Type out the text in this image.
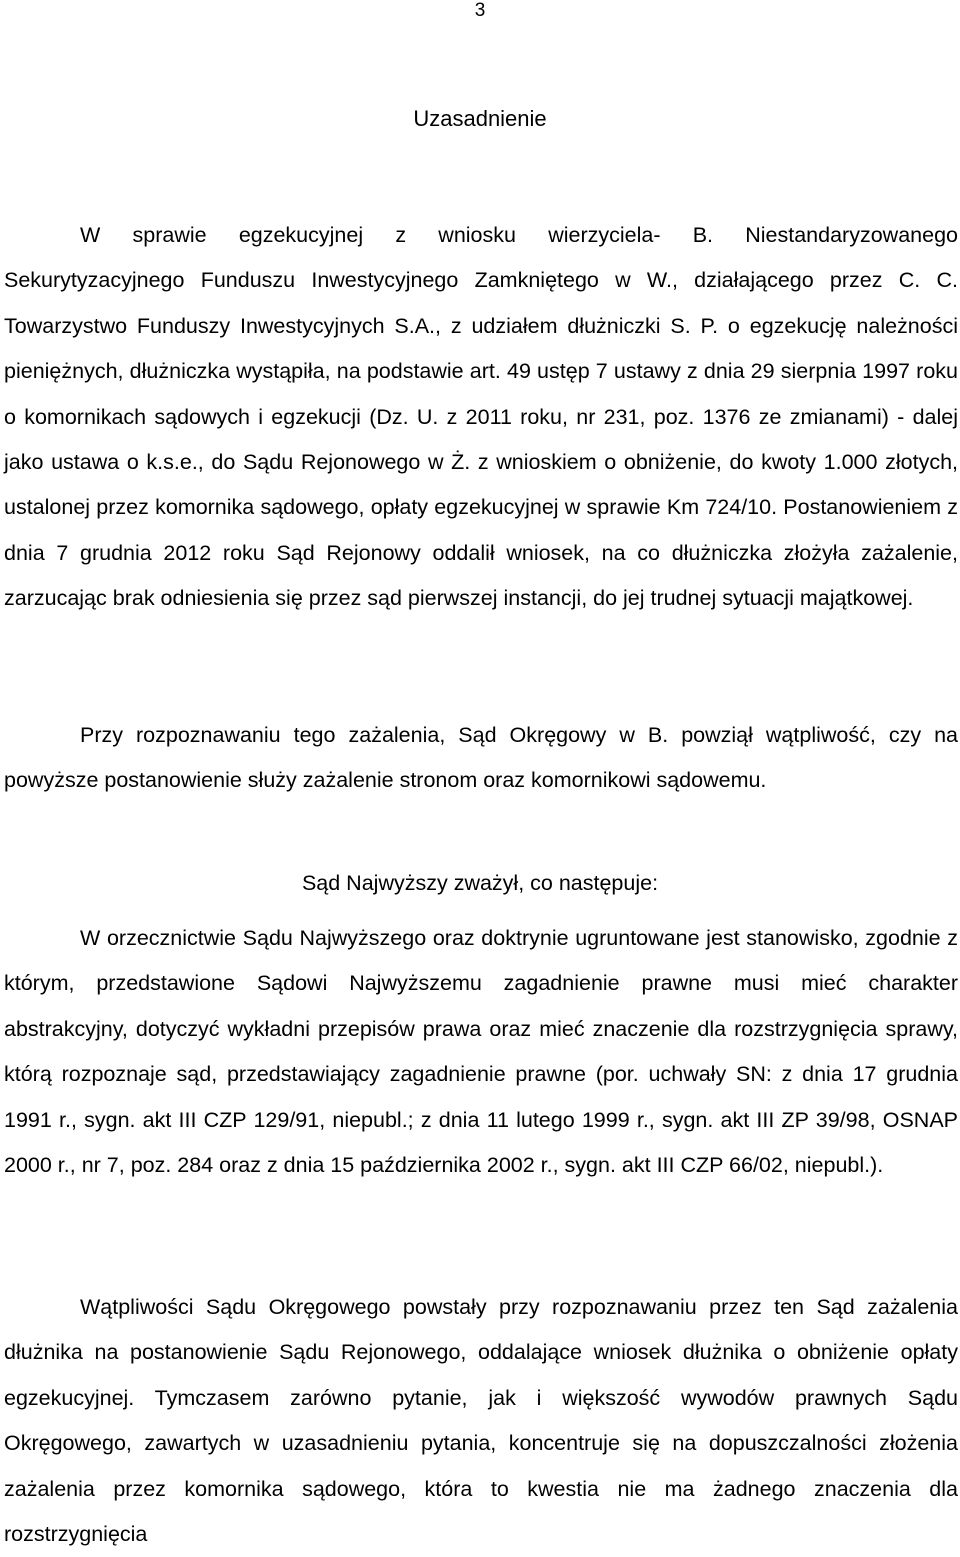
3
Uzasadnienie

W sprawie egzekucyjnej z wniosku wierzyciela- B. Niestandaryzowanego Sekurytyzacyjnego Funduszu Inwestycyjnego Zamkniętego w W., działającego przez C. C. Towarzystwo Funduszy Inwestycyjnych S.A., z udziałem dłużniczki S. P. o egzekucję należności pieniężnych, dłużniczka wystąpiła, na podstawie art. 49 ustęp 7 ustawy z dnia 29 sierpnia 1997 roku o komornikach sądowych i egzekucji (Dz. U. z 2011 roku, nr 231, poz. 1376 ze zmianami) - dalej jako ustawa o k.s.e., do Sądu Rejonowego w Ż. z wnioskiem o obniżenie, do kwoty 1.000 złotych, ustalonej przez komornika sądowego, opłaty egzekucyjnej w sprawie Km 724/10. Postanowieniem z dnia 7 grudnia 2012 roku Sąd Rejonowy oddalił wniosek, na co dłużniczka złożyła zażalenie, zarzucając brak odniesienia się przez sąd pierwszej instancji, do jej trudnej sytuacji majątkowej.

Przy rozpoznawaniu tego zażalenia, Sąd Okręgowy w B. powziął wątpliwość, czy na powyższe postanowienie służy zażalenie stronom oraz komornikowi sądowemu.

Sąd Najwyższy zważył, co następuje:

W orzecznictwie Sądu Najwyższego oraz doktrynie ugruntowane jest stanowisko, zgodnie z którym, przedstawione Sądowi Najwyższemu zagadnienie prawne musi mieć charakter abstrakcyjny, dotyczyć wykładni przepisów prawa oraz mieć znaczenie dla rozstrzygnięcia sprawy, którą rozpoznaje sąd, przedstawiający zagadnienie prawne (por. uchwały SN: z dnia 17 grudnia 1991 r., sygn. akt III CZP 129/91, niepubl.; z dnia 11 lutego 1999 r., sygn. akt III ZP 39/98, OSNAP 2000 r., nr 7, poz. 284 oraz z dnia 15 października 2002 r., sygn. akt III CZP 66/02, niepubl.).

Wątpliwości Sądu Okręgowego powstały przy rozpoznawaniu przez ten Sąd zażalenia dłużnika na postanowienie Sądu Rejonowego, oddalające wniosek dłużnika o obniżenie opłaty egzekucyjnej. Tymczasem zarówno pytanie, jak i większość wywodów prawnych Sądu Okręgowego, zawartych w uzasadnieniu pytania, koncentruje się na dopuszczalności złożenia zażalenia przez komornika sądowego, która to kwestia nie ma żadnego znaczenia dla rozstrzygnięcia
